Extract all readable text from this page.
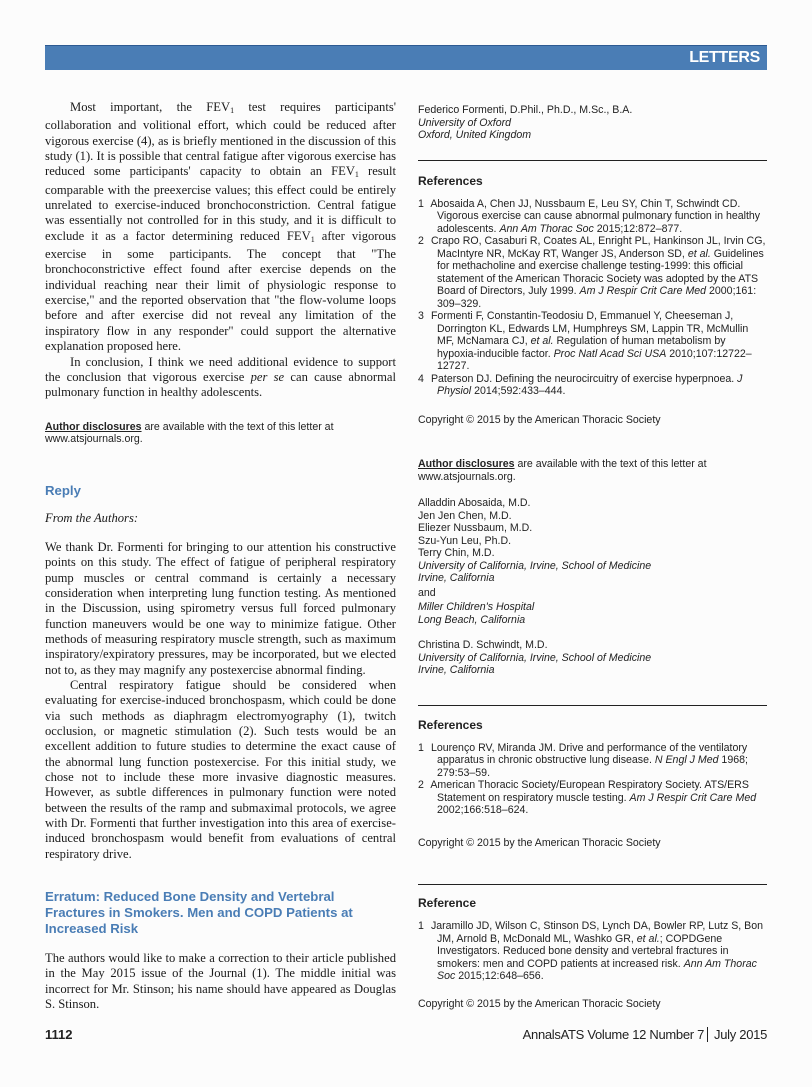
LETTERS

Most important, the $FEV_1$ test requires participants' collaboration and volitional effort, which could be reduced after vigorous exercise (4), as is briefly mentioned in the discussion of this study (1). It is possible that central fatigue after vigorous exercise has reduced some participants' capacity to obtain an $FEV_1$ result comparable with the preexercise values; this effect could be entirely unrelated to exercise-induced bronchoconstriction. Central fatigue was essentially not controlled for in this study, and it is difficult to exclude it as a factor determining reduced $FEV_1$ after vigorous exercise in some participants. The concept that "The bronchoconstrictive effect found after exercise depends on the individual reaching near their limit of physiologic response to exercise," and the reported observation that "the flow-volume loops before and after exercise did not reveal any limitation of the inspiratory flow in any responder" could support the alternative explanation proposed here.

In conclusion, I think we need additional evidence to support the conclusion that vigorous exercise per se can cause abnormal pulmonary function in healthy adolescents.

Author disclosures are available with the text of this letter at www.atsjournals.org.
Reply

From the Authors:

We thank Dr. Formenti for bringing to our attention his constructive points on this study. The effect of fatigue of peripheral respiratory pump muscles or central command is certainly a necessary consideration when interpreting lung function testing. As mentioned in the Discussion, using spirometry versus full forced pulmonary function maneuvers would be one way to minimize fatigue. Other methods of measuring respiratory muscle strength, such as maximum inspiratory/expiratory pressures, may be incorporated, but we elected not to, as they may magnify any postexercise abnormal finding.

Central respiratory fatigue should be considered when evaluating for exercise-induced bronchospasm, which could be done via such methods as diaphragm electromyography (1), twitch occlusion, or magnetic stimulation (2). Such tests would be an excellent addition to future studies to determine the exact cause of the abnormal lung function postexercise. For this initial study, we chose not to include these more invasive diagnostic measures. However, as subtle differences in pulmonary function were noted between the results of the ramp and submaximal protocols, we agree with Dr. Formenti that further investigation into this area of exercise-induced bronchospasm would benefit from evaluations of central respiratory drive.

Erratum: Reduced Bone Density and Vertebral Fractures in Smokers. Men and COPD Patients at Increased Risk

The authors would like to make a correction to their article published in the May 2015 issue of the Journal (1). The middle initial was incorrect for Mr. Stinson; his name should have appeared as Douglas S. Stinson.

Federico Formenti, D.Phil., Ph.D., M.Sc., B.A.
University of Oxford
Oxford, United Kingdom
References
1 Abosaida A, Chen JJ, Nussbaum E, Leu SY, Chin T, Schwindt CD. Vigorous exercise can cause abnormal pulmonary function in healthy adolescents. Ann Am Thorac Soc 2015;12:872–877.
2 Crapo RO, Casaburi R, Coates AL, Enright PL, Hankinson JL, Irvin CG, MacIntyre NR, McKay RT, Wanger JS, Anderson SD, et al. Guidelines for methacholine and exercise challenge testing-1999: this official statement of the American Thoracic Society was adopted by the ATS Board of Directors, July 1999. Am J Respir Crit Care Med 2000;161: 309–329.
3 Formenti F, Constantin-Teodosiu D, Emmanuel Y, Cheeseman J, Dorrington KL, Edwards LM, Humphreys SM, Lappin TR, McMullin MF, McNamara CJ, et al. Regulation of human metabolism by hypoxia-inducible factor. Proc Natl Acad Sci USA 2010;107:12722–12727.
4 Paterson DJ. Defining the neurocircuitry of exercise hyperpnoea. J Physiol 2014;592:433–444.
Copyright © 2015 by the American Thoracic Society
Author disclosures are available with the text of this letter at www.atsjournals.org.
Alladdin Abosaida, M.D.
Jen Jen Chen, M.D.
Eliezer Nussbaum, M.D.
Szu-Yun Leu, Ph.D.
Terry Chin, M.D.
University of California, Irvine, School of Medicine
Irvine, California
and
Miller Children's Hospital
Long Beach, California
Christina D. Schwindt, M.D.
University of California, Irvine, School of Medicine
Irvine, California
References
1 Lourenço RV, Miranda JM. Drive and performance of the ventilatory apparatus in chronic obstructive lung disease. N Engl J Med 1968; 279:53–59.
2 American Thoracic Society/European Respiratory Society. ATS/ERS Statement on respiratory muscle testing. Am J Respir Crit Care Med 2002;166:518–624.
Copyright © 2015 by the American Thoracic Society
Reference
1 Jaramillo JD, Wilson C, Stinson DS, Lynch DA, Bowler RP, Lutz S, Bon JM, Arnold B, McDonald ML, Washko GR, et al.; COPDGene Investigators. Reduced bone density and vertebral fractures in smokers: men and COPD patients at increased risk. Ann Am Thorac Soc 2015;12:648–656.
Copyright © 2015 by the American Thoracic Society
1112	AnnalsATS Volume 12 Number 7 July 2015
